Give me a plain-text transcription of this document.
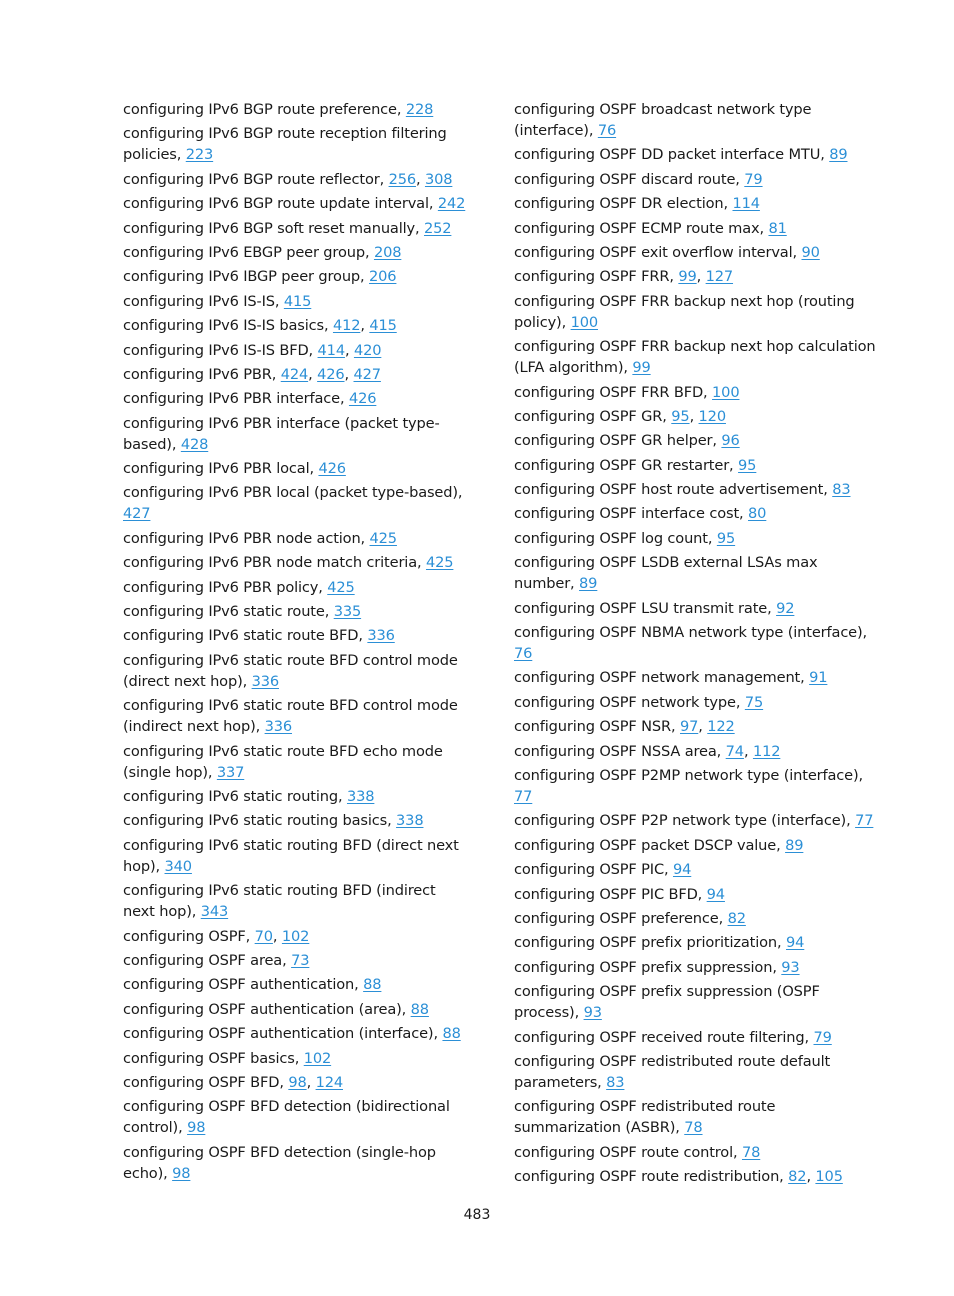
configuring IPv6 BGP route preference, 228
configuring IPv6 BGP route reception filtering policies, 223
configuring IPv6 BGP route reflector, 256, 308
configuring IPv6 BGP route update interval, 242
configuring IPv6 BGP soft reset manually, 252
configuring IPv6 EBGP peer group, 208
configuring IPv6 IBGP peer group, 206
configuring IPv6 IS-IS, 415
configuring IPv6 IS-IS basics, 412, 415
configuring IPv6 IS-IS BFD, 414, 420
configuring IPv6 PBR, 424, 426, 427
configuring IPv6 PBR interface, 426
configuring IPv6 PBR interface (packet type-based), 428
configuring IPv6 PBR local, 426
configuring IPv6 PBR local (packet type-based), 427
configuring IPv6 PBR node action, 425
configuring IPv6 PBR node match criteria, 425
configuring IPv6 PBR policy, 425
configuring IPv6 static route, 335
configuring IPv6 static route BFD, 336
configuring IPv6 static route BFD control mode (direct next hop), 336
configuring IPv6 static route BFD control mode (indirect next hop), 336
configuring IPv6 static route BFD echo mode (single hop), 337
configuring IPv6 static routing, 338
configuring IPv6 static routing basics, 338
configuring IPv6 static routing BFD (direct next hop), 340
configuring IPv6 static routing BFD (indirect next hop), 343
configuring OSPF, 70, 102
configuring OSPF area, 73
configuring OSPF authentication, 88
configuring OSPF authentication (area), 88
configuring OSPF authentication (interface), 88
configuring OSPF basics, 102
configuring OSPF BFD, 98, 124
configuring OSPF BFD detection (bidirectional control), 98
configuring OSPF BFD detection (single-hop echo), 98
configuring OSPF broadcast network type (interface), 76
configuring OSPF DD packet interface MTU, 89
configuring OSPF discard route, 79
configuring OSPF DR election, 114
configuring OSPF ECMP route max, 81
configuring OSPF exit overflow interval, 90
configuring OSPF FRR, 99, 127
configuring OSPF FRR backup next hop (routing policy), 100
configuring OSPF FRR backup next hop calculation (LFA algorithm), 99
configuring OSPF FRR BFD, 100
configuring OSPF GR, 95, 120
configuring OSPF GR helper, 96
configuring OSPF GR restarter, 95
configuring OSPF host route advertisement, 83
configuring OSPF interface cost, 80
configuring OSPF log count, 95
configuring OSPF LSDB external LSAs max number, 89
configuring OSPF LSU transmit rate, 92
configuring OSPF NBMA network type (interface), 76
configuring OSPF network management, 91
configuring OSPF network type, 75
configuring OSPF NSR, 97, 122
configuring OSPF NSSA area, 74, 112
configuring OSPF P2MP network type (interface), 77
configuring OSPF P2P network type (interface), 77
configuring OSPF packet DSCP value, 89
configuring OSPF PIC, 94
configuring OSPF PIC BFD, 94
configuring OSPF preference, 82
configuring OSPF prefix prioritization, 94
configuring OSPF prefix suppression, 93
configuring OSPF prefix suppression (OSPF process), 93
configuring OSPF received route filtering, 79
configuring OSPF redistributed route default parameters, 83
configuring OSPF redistributed route summarization (ASBR), 78
configuring OSPF route control, 78
configuring OSPF route redistribution, 82, 105
483
